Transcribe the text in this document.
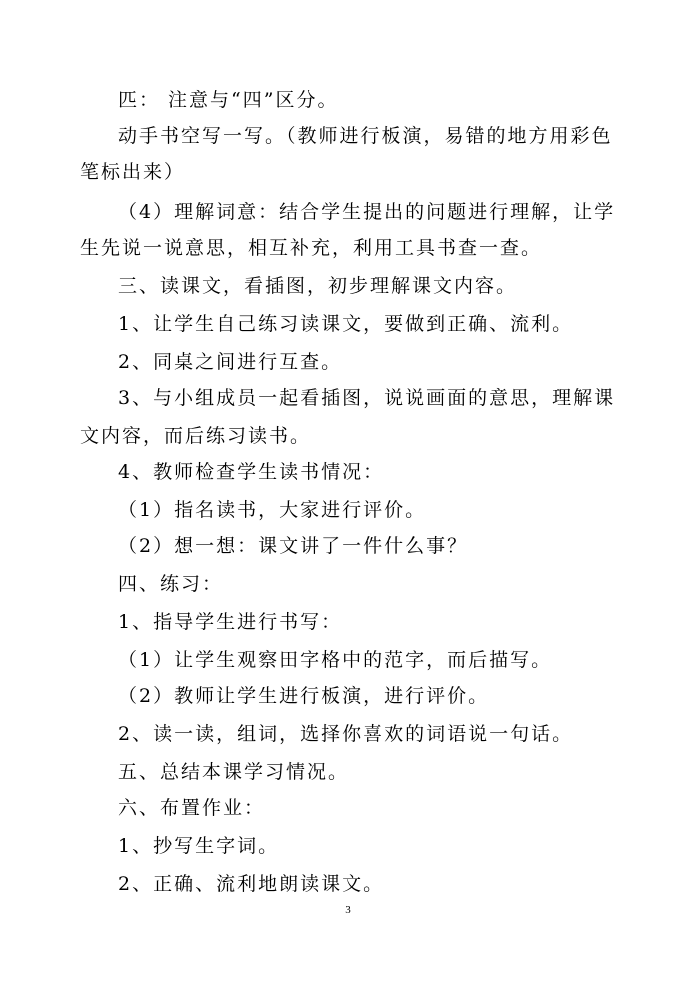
匹： 注意与“四”区分。
动手书空写一写。（教师进行板演，易错的地方用彩色
笔标出来）
（4）理解词意：结合学生提出的问题进行理解，让学
生先说一说意思，相互补充，利用工具书查一查。
三、读课文，看插图，初步理解课文内容。
1、让学生自己练习读课文，要做到正确、流利。
2、同桌之间进行互查。
3、与小组成员一起看插图，说说画面的意思，理解课
文内容，而后练习读书。
4、教师检查学生读书情况：
（1）指名读书，大家进行评价。
（2）想一想：课文讲了一件什么事？
四、练习：
1、指导学生进行书写：
（1）让学生观察田字格中的范字，而后描写。
（2）教师让学生进行板演，进行评价。
2、读一读，组词，选择你喜欢的词语说一句话。
五、总结本课学习情况。
六、布置作业：
1、抄写生字词。
2、正确、流利地朗读课文。
3
